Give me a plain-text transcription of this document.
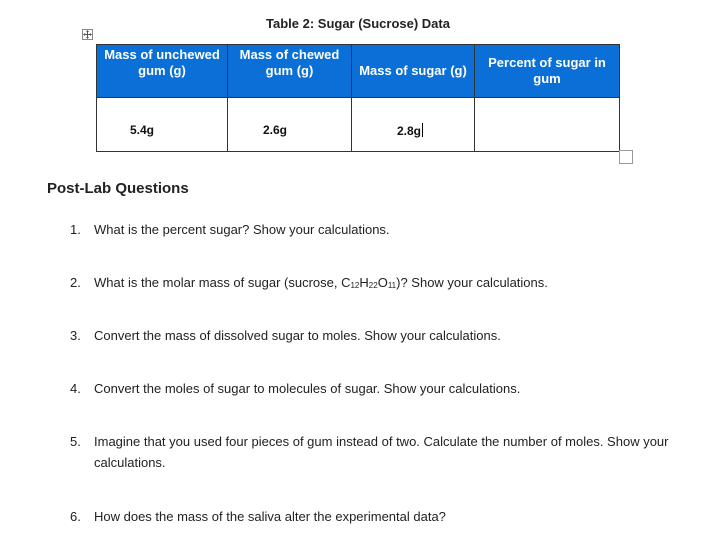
Table 2: Sugar (Sucrose) Data
Mass of unchewed gum (g)	Mass of chewed gum (g)	Mass of sugar (g)	Percent of sugar in gum
5.4g	2.6g	2.8g	
Post-Lab Questions
1. What is the percent sugar? Show your calculations.
2. What is the molar mass of sugar (sucrose, $C_{12}H_{22}O_{11}$)? Show your calculations.
3. Convert the mass of dissolved sugar to moles. Show your calculations.
4. Convert the moles of sugar to molecules of sugar. Show your calculations.
5. Imagine that you used four pieces of gum instead of two. Calculate the number of moles. Show your calculations.
6. How does the mass of the saliva alter the experimental data?
